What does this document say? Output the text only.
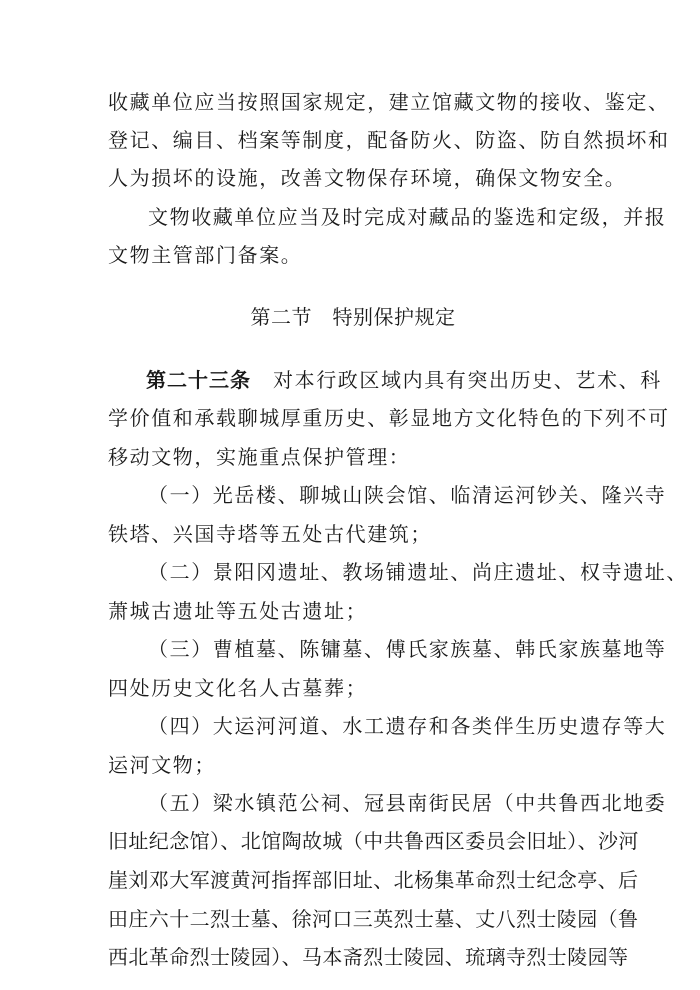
收藏单位应当按照国家规定，建立馆藏文物的接收、鉴定、
登记、编目、档案等制度，配备防火、防盗、防自然损坏和
人为损坏的设施，改善文物保存环境，确保文物安全。
文物收藏单位应当及时完成对藏品的鉴选和定级，并报
文物主管部门备案。
第二节　特别保护规定
第二十三条 对本行政区域内具有突出历史、艺术、科
学价值和承载聊城厚重历史、彰显地方文化特色的下列不可
移动文物，实施重点保护管理：
（一）光岳楼、聊城山陕会馆、临清运河钞关、隆兴寺
铁塔、兴国寺塔等五处古代建筑；
（二）景阳冈遗址、教场铺遗址、尚庄遗址、权寺遗址、
萧城古遗址等五处古遗址；
（三）曹植墓、陈镛墓、傅氏家族墓、韩氏家族墓地等
四处历史文化名人古墓葬；
（四）大运河河道、水工遗存和各类伴生历史遗存等大
运河文物；
（五）梁水镇范公祠、冠县南街民居（中共鲁西北地委
旧址纪念馆）、北馆陶故城（中共鲁西区委员会旧址）、沙河
崖刘邓大军渡黄河指挥部旧址、北杨集革命烈士纪念亭、后
田庄六十二烈士墓、徐河口三英烈士墓、丈八烈士陵园（鲁
西北革命烈士陵园）、马本斋烈士陵园、琉璃寺烈士陵园等
